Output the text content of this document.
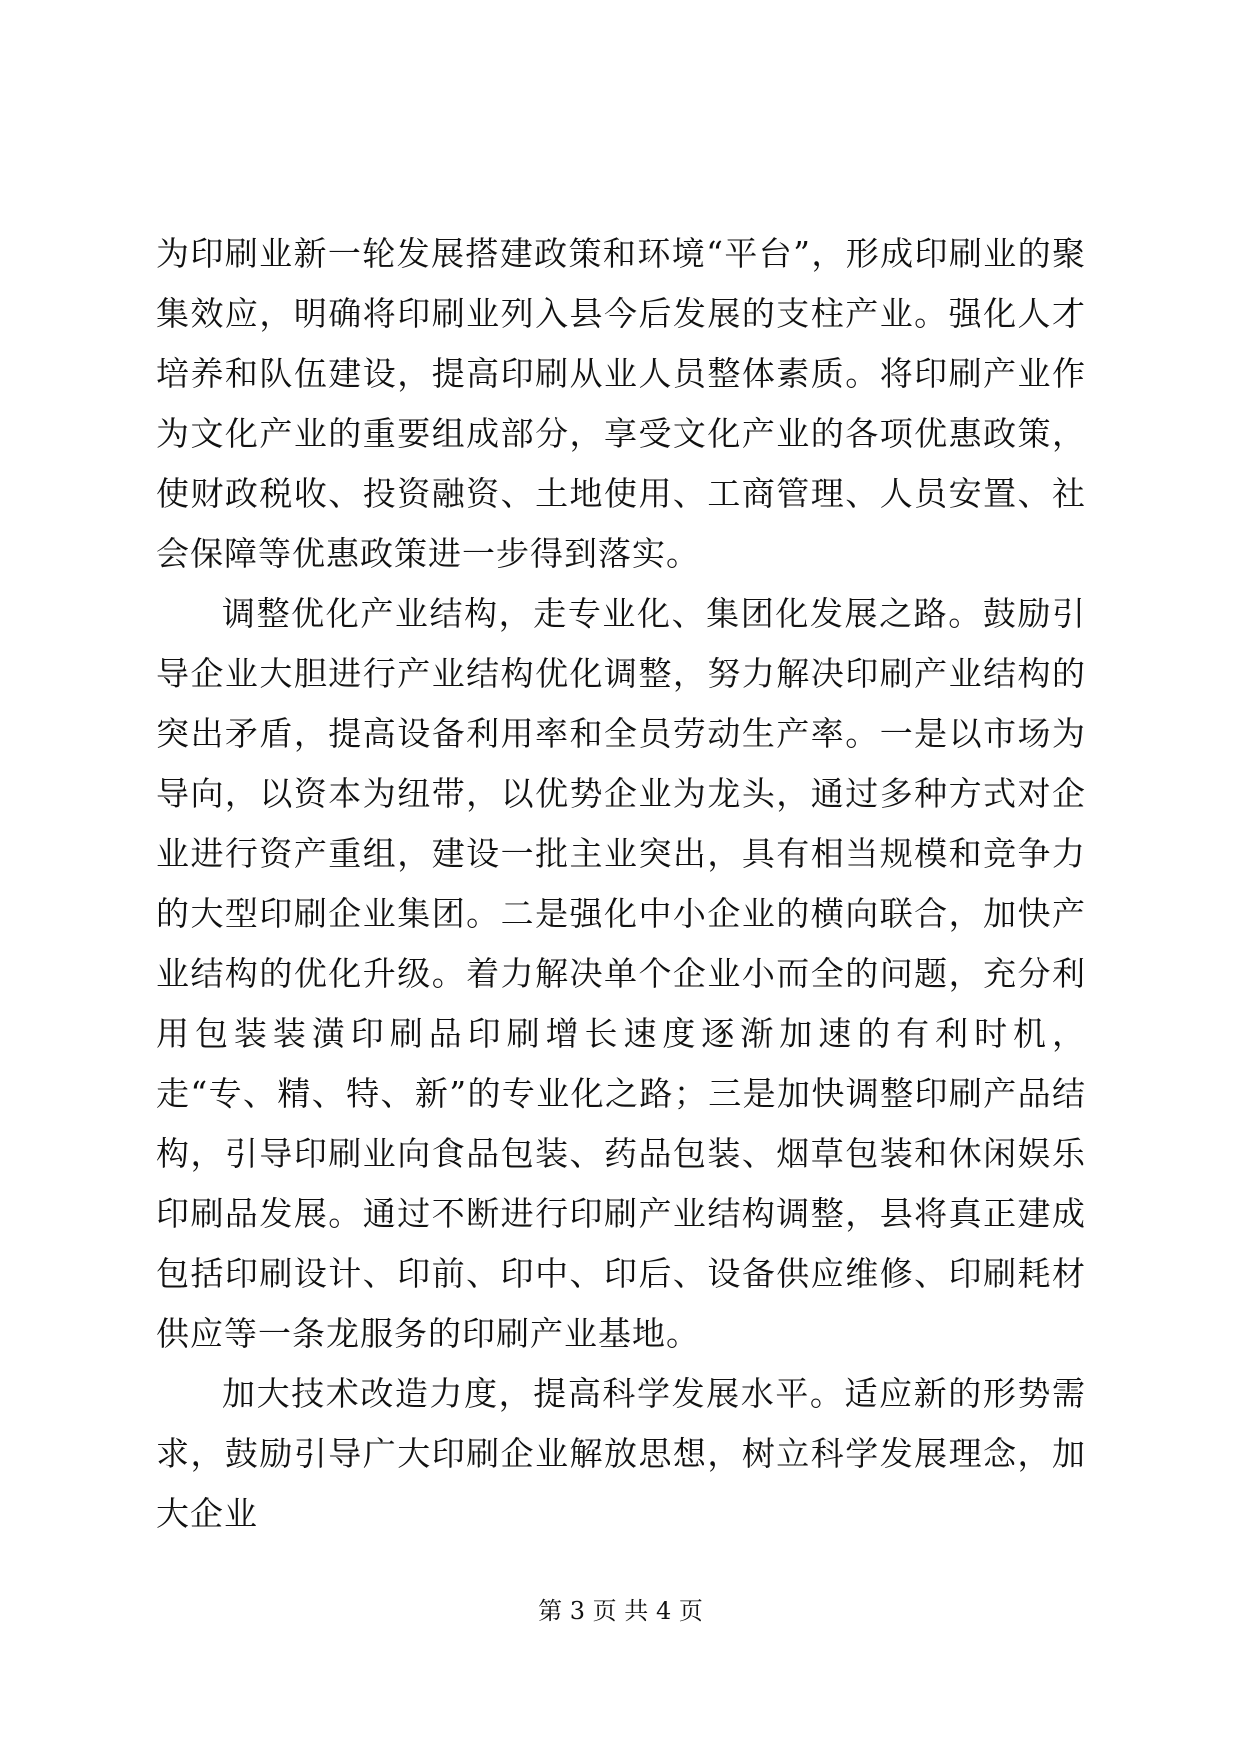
为印刷业新一轮发展搭建政策和环境“平台”，形成印刷业的聚集效应，明确将印刷业列入县今后发展的支柱产业。强化人才培养和队伍建设，提高印刷从业人员整体素质。将印刷产业作为文化产业的重要组成部分，享受文化产业的各项优惠政策，使财政税收、投资融资、土地使用、工商管理、人员安置、社会保障等优惠政策进一步得到落实。

调整优化产业结构，走专业化、集团化发展之路。鼓励引导企业大胆进行产业结构优化调整，努力解决印刷产业结构的突出矛盾，提高设备利用率和全员劳动生产率。一是以市场为导向，以资本为纽带，以优势企业为龙头，通过多种方式对企业进行资产重组，建设一批主业突出，具有相当规模和竞争力的大型印刷企业集团。二是强化中小企业的横向联合，加快产业结构的优化升级。着力解决单个企业小而全的问题，充分利用包装装潢印刷品印刷增长速度逐渐加速的有利时机，走“专、精、特、新”的专业化之路；三是加快调整印刷产品结构，引导印刷业向食品包装、药品包装、烟草包装和休闲娱乐印刷品发展。通过不断进行印刷产业结构调整，县将真正建成包括印刷设计、印前、印中、印后、设备供应维修、印刷耗材供应等一条龙服务的印刷产业基地。

加大技术改造力度，提高科学发展水平。适应新的形势需求，鼓励引导广大印刷企业解放思想，树立科学发展理念，加大企业

第 3 页 共 4 页
